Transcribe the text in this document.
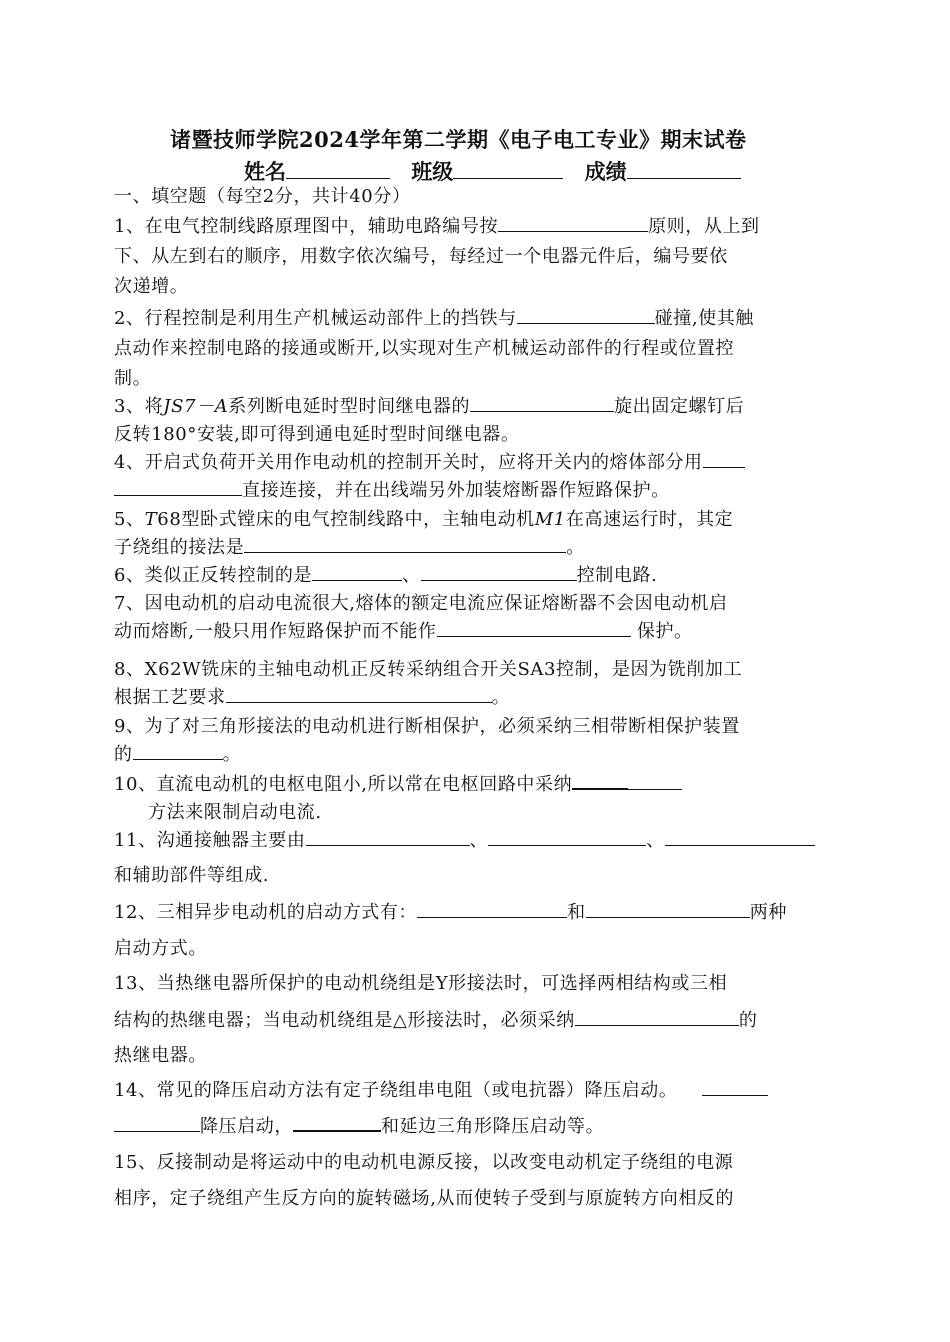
诸暨技师学院2024学年第二学期《电子电工专业》期末试卷
姓名	班级	成绩
一、填空题（每空2分，共计40分）
1、在电气控制线路原理图中，辅助电路编号按	原则，从上到
下、从左到右的顺序，用数字依次编号，每经过一个电器元件后，编号要依
次递增。
2、行程控制是利用生产机械运动部件上的挡铁与	碰撞,使其触
点动作来控制电路的接通或断开,以实现对生产机械运动部件的行程或位置控
制。
3、将JS7－A系列断电延时型时间继电器的	旋出固定螺钉后
反转180°安装,即可得到通电延时型时间继电器。
4、开启式负荷开关用作电动机的控制开关时，应将开关内的熔体部分用
直接连接，并在出线端另外加装熔断器作短路保护。
5、T68型卧式镗床的电气控制线路中，主轴电动机M1在高速运行时，其定
子绕组的接法是	。
6、类似正反转控制的是	、	控制电路.
7、因电动机的启动电流很大,熔体的额定电流应保证熔断器不会因电动机启
动而熔断,一般只用作短路保护而不能作	保护。
8、X62W铣床的主轴电动机正反转采纳组合开关SA3控制，是因为铣削加工
根据工艺要求	。
9、为了对三角形接法的电动机进行断相保护，必须采纳三相带断相保护装置
的	。
10、直流电动机的电枢电阻小,所以常在电枢回路中采纳
方法来限制启动电流.
11、沟通接触器主要由	、	、
和辅助部件等组成.
12、三相异步电动机的启动方式有：	和	两种
启动方式。
13、当热继电器所保护的电动机绕组是Y形接法时，可选择两相结构或三相
结构的热继电器；当电动机绕组是△形接法时，必须采纳	的
热继电器。
14、常见的降压启动方法有定子绕组串电阻（或电抗器）降压启动。
降压启动，	和延边三角形降压启动等。
15、反接制动是将运动中的电动机电源反接，以改变电动机定子绕组的电源
相序，定子绕组产生反方向的旋转磁场,从而使转子受到与原旋转方向相反的
